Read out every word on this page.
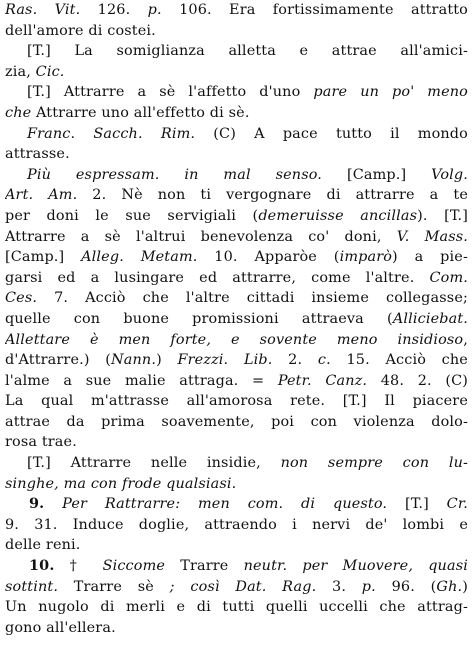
Ras. Vit. 126. p. 106. Era fortissimamente attratto
dell'amore di costei.
[T.] La somiglianza alletta e attrae all'amici-
zia, Cic.
[T.] Attrarre a sè l'affetto d'uno pare un po' meno
che Attrarre uno all'effetto di sè.
Franc. Sacch. Rim. (C) A pace tutto il mondo
attrasse.
Più espressam. in mal senso. [Camp.] Volg.
Art. Am. 2. Nè non ti vergognare di attrarre a te
per doni le sue servigiali (demeruisse ancillas). [T.]
Attrarre a sè l'altrui benevolenza co' doni, V. Mass.
[Camp.] Alleg. Metam. 10. Apparòe (imparò) a pie-
garsi ed a lusingare ed attrarre, come l'altre. Com.
Ces. 7. Acciò che l'altre cittadi insieme collegasse;
quelle con buone promissioni attraeva (Alliciebat.
Allettare è men forte, e sovente meno insidioso,
d'Attrarre.) (Nann.) Frezzi. Lib. 2. c. 15. Acciò che
l'alme a sue malie attraga. = Petr. Canz. 48. 2. (C)
La qual m'attrasse all'amorosa rete. [T.] Il piacere
attrae da prima soavemente, poi con violenza dolo-
rosa trae.
[T.] Attrarre nelle insidie, non sempre con lu-
singhe, ma con frode qualsiasi.
9. Per Rattrarre: men com. di questo. [T.] Cr.
9. 31. Induce doglie, attraendo i nervi de' lombi e
delle reni.
10. † Siccome Trarre neutr. per Muovere, quasi
sottint. Trarre sè ; così Dat. Rag. 3. p. 96. (Gh.)
Un nugolo di merli e di tutti quelli uccelli che attrag-
gono all'ellera.
